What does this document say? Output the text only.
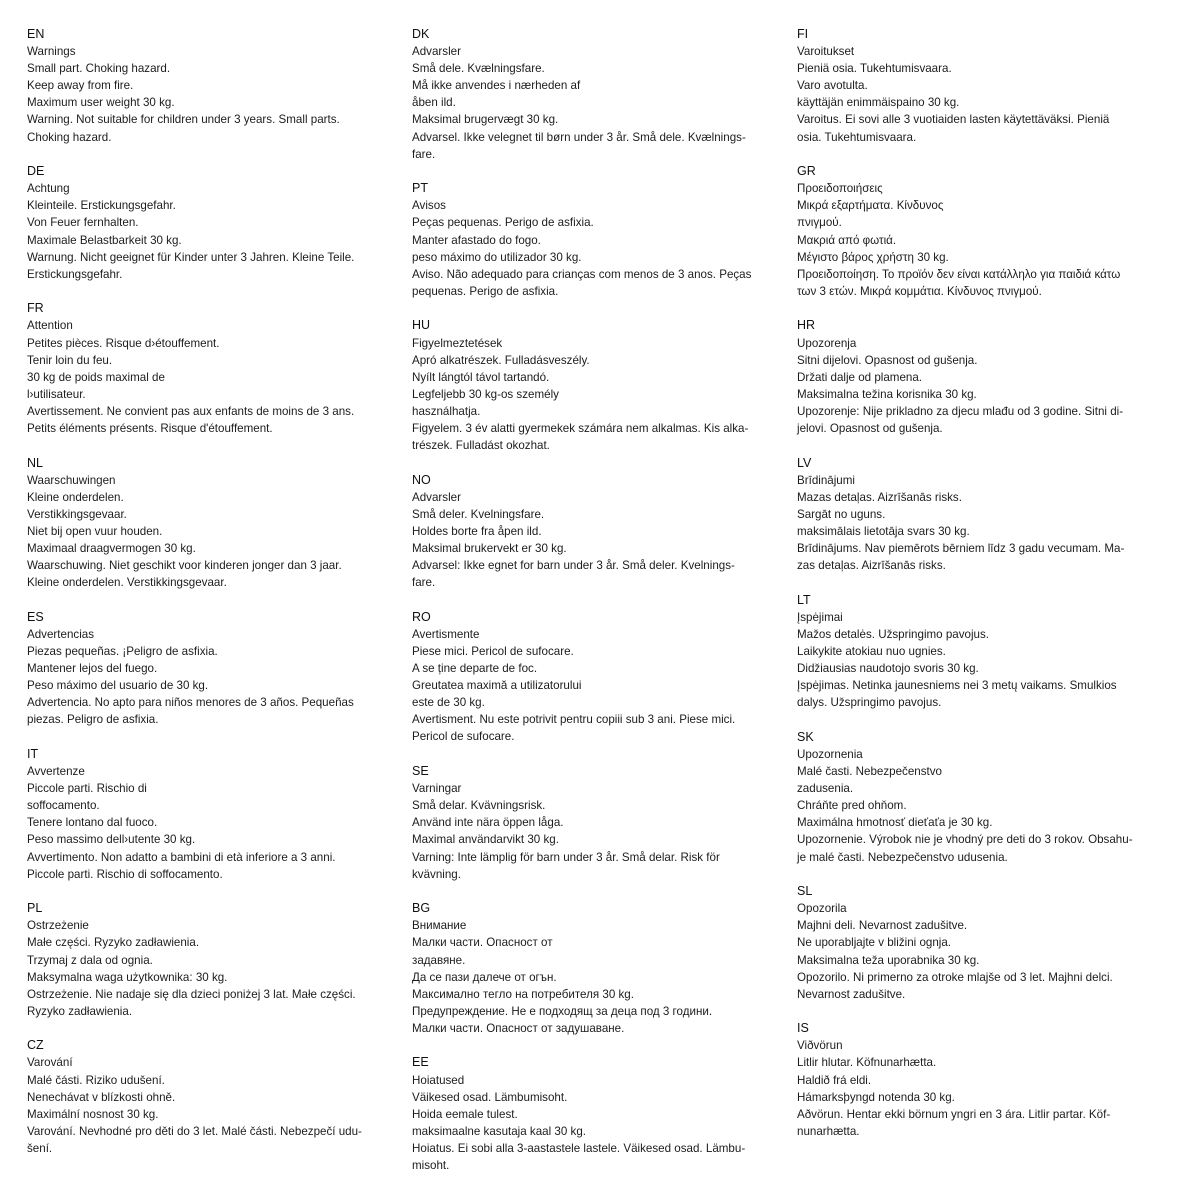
EN
Warnings
Small part. Choking hazard.
Keep away from fire.
Maximum user weight 30 kg.
Warning. Not suitable for children under 3 years. Small parts.
Choking hazard.
DE
Achtung
Kleinteile. Erstickungsgefahr.
Von Feuer fernhalten.
Maximale Belastbarkeit 30 kg.
Warnung. Nicht geeignet für Kinder unter 3 Jahren. Kleine Teile.
Erstickungsgefahr.
FR
Attention
Petites pièces. Risque d›étouffement.
Tenir loin du feu.
30 kg de poids maximal de
l›utilisateur.
Avertissement. Ne convient pas aux enfants de moins de 3 ans.
Petits éléments présents. Risque d'étouffement.
NL
Waarschuwingen
Kleine onderdelen.
Verstikkingsgevaar.
Niet bij open vuur houden.
Maximaal draagvermogen 30 kg.
Waarschuwing. Niet geschikt voor kinderen jonger dan 3 jaar.
Kleine onderdelen. Verstikkingsgevaar.
ES
Advertencias
Piezas pequeñas. ¡Peligro de asfixia.
Mantener lejos del fuego.
Peso máximo del usuario de 30 kg.
Advertencia. No apto para niños menores de 3 años. Pequeñas
piezas. Peligro de asfixia.
IT
Avvertenze
Piccole parti. Rischio di
soffocamento.
Tenere lontano dal fuoco.
Peso massimo dell›utente 30 kg.
Avvertimento. Non adatto a bambini di età inferiore a 3 anni.
Piccole parti. Rischio di soffocamento.
PL
Ostrzeżenie
Małe części. Ryzyko zadławienia.
Trzymaj z dala od ognia.
Maksymalna waga użytkownika: 30 kg.
Ostrzeżenie. Nie nadaje się dla dzieci poniżej 3 lat. Małe części.
Ryzyko zadławienia.
CZ
Varování
Malé části. Riziko udušení.
Nenechávat v blízkosti ohně.
Maximální nosnost 30 kg.
Varování. Nevhodné pro děti do 3 let. Malé části. Nebezpečí udu-
šení.
DK
Advarsler
Små dele. Kvælningsfare.
Må ikke anvendes i nærheden af
åben ild.
Maksimal brugervægt 30 kg.
Advarsel. Ikke velegnet til børn under 3 år. Små dele. Kvælnings-
fare.
PT
Avisos
Peças pequenas. Perigo de asfixia.
Manter afastado do fogo.
peso máximo do utilizador 30 kg.
Aviso. Não adequado para crianças com menos de 3 anos. Peças
pequenas. Perigo de asfixia.
HU
Figyelmeztetések
Apró alkatrészek. Fulladásveszély.
Nyílt lángtól távol tartandó.
Legfeljebb 30 kg-os személy
használhatja.
Figyelem. 3 év alatti gyermekek számára nem alkalmas. Kis alka-
trészek. Fulladást okozhat.
NO
Advarsler
Små deler. Kvelningsfare.
Holdes borte fra åpen ild.
Maksimal brukervekt er 30 kg.
Advarsel: Ikke egnet for barn under 3 år. Små deler. Kvelnings-
fare.
RO
Avertismente
Piese mici. Pericol de sufocare.
A se ține departe de foc.
Greutatea maximă a utilizatorului
este de 30 kg.
Avertisment. Nu este potrivit pentru copiii sub 3 ani. Piese mici.
Pericol de sufocare.
SE
Varningar
Små delar. Kvävningsrisk.
Använd inte nära öppen låga.
Maximal användarvikt 30 kg.
Varning: Inte lämplig för barn under 3 år. Små delar. Risk för
kvävning.
BG
Внимание
Малки части. Опасност от
задавяне.
Да се пази далече от огън.
Максимално тегло на потребителя 30 kg.
Предупреждение. Не е подходящ за деца под 3 години.
Малки части. Опасност от задушаване.
EE
Hoiatused
Väikesed osad. Lämbumisoht.
Hoida eemale tulest.
maksimaalne kasutaja kaal 30 kg.
Hoiatus. Ei sobi alla 3-aastastele lastele. Väikesed osad. Lämbu-
misoht.
FI
Varoitukset
Pieniä osia. Tukehtumisvaara.
Varo avotulta.
käyttäjän enimmäispaino 30 kg.
Varoitus. Ei sovi alle 3 vuotiaiden lasten käytettäväksi. Pieniä
osia. Tukehtumisvaara.
GR
Προειδοποιήσεις
Μικρά εξαρτήματα. Κίνδυνος
πνιγμού.
Μακριά από φωτιά.
Μέγιστο βάρος χρήστη 30 kg.
Προειδοποίηση. Το προϊόν δεν είναι κατάλληλο για παιδιά κάτω
των 3 ετών. Μικρά κομμάτια. Κίνδυνος πνιγμού.
HR
Upozorenja
Sitni dijelovi. Opasnost od gušenja.
Držati dalje od plamena.
Maksimalna težina korisnika 30 kg.
Upozorenje: Nije prikladno za djecu mlađu od 3 godine. Sitni di-
jelovi. Opasnost od gušenja.
LV
Brīdinājumi
Mazas detaļas. Aizrīšanās risks.
Sargāt no uguns.
maksimālais lietotāja svars 30 kg.
Brīdinājums. Nav piemērots bērniem līdz 3 gadu vecumam. Ma-
zas detaļas. Aizrīšanās risks.
LT
Įspėjimai
Mažos detalės. Užspringimo pavojus.
Laikykite atokiau nuo ugnies.
Didžiausias naudotojo svoris 30 kg.
Įspėjimas. Netinka jaunesniems nei 3 metų vaikams. Smulkios
dalys. Užspringimo pavojus.
SK
Upozornenia
Malé časti. Nebezpečenstvo
zadusenia.
Chráňte pred ohňom.
Maximálna hmotnosť dieťaťa je 30 kg.
Upozornenie. Výrobok nie je vhodný pre deti do 3 rokov. Obsahu-
je malé časti. Nebezpečenstvo udusenia.
SL
Opozorila
Majhni deli. Nevarnost zadušitve.
Ne uporabljajte v bližini ognja.
Maksimalna teža uporabnika 30 kg.
Opozorilo. Ni primerno za otroke mlajše od 3 let. Majhni delci.
Nevarnost zadušitve.
IS
Viðvörun
Litlir hlutar. Köfnunarhætta.
Haldið frá eldi.
Hámarksþyngd notenda 30 kg.
Aðvörun. Hentar ekki börnum yngri en 3 ára. Litlir partar. Köf-
nunarhætta.
